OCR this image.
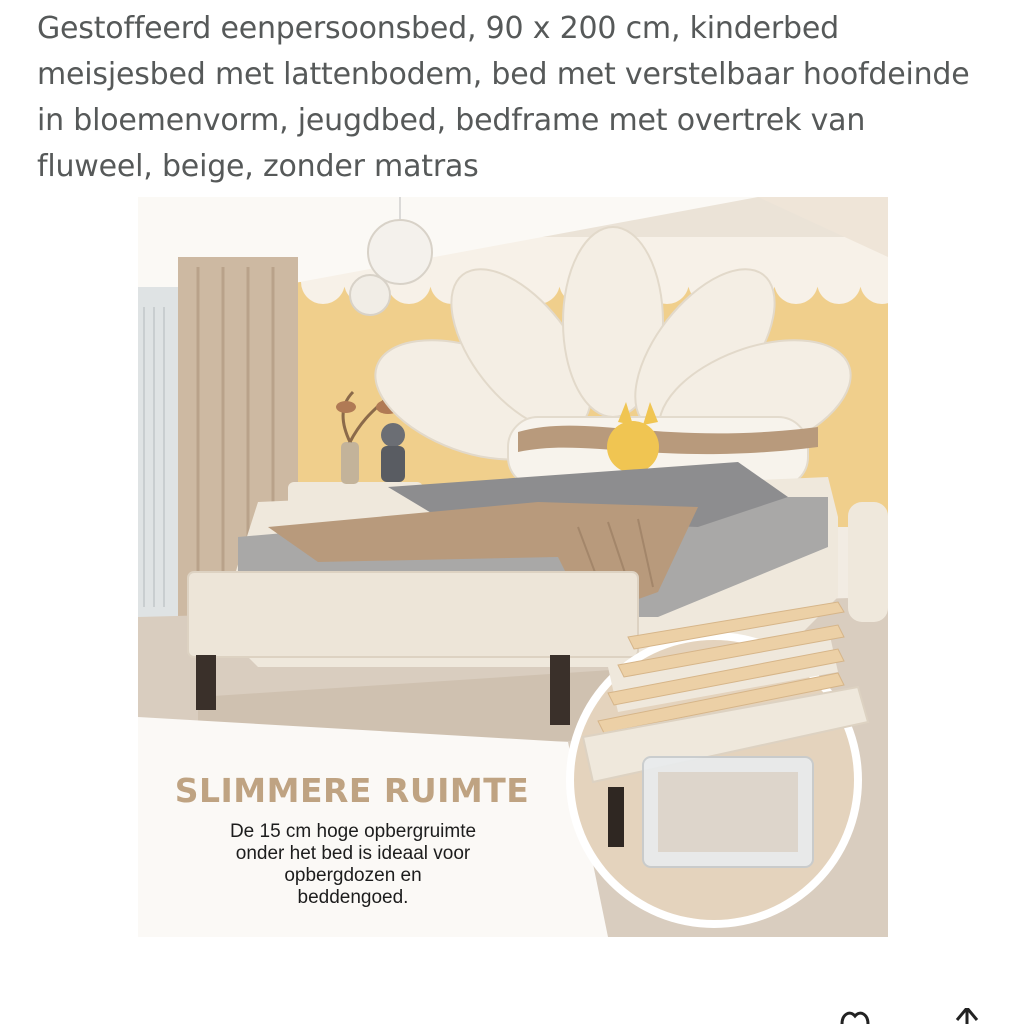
Gestoffeerd eenpersoonsbed, 90 x 200 cm, kinderbed meisjesbed met lattenbodem, bed met verstelbaar hoofdeinde in bloemenvorm, jeugdbed, bedframe met overtrek van fluweel, beige, zonder matras
SLIMMERE RUIMTE
De 15 cm hoge opbergruimte
onder het bed is ideaal voor
opbergdozen en
beddengoed.
